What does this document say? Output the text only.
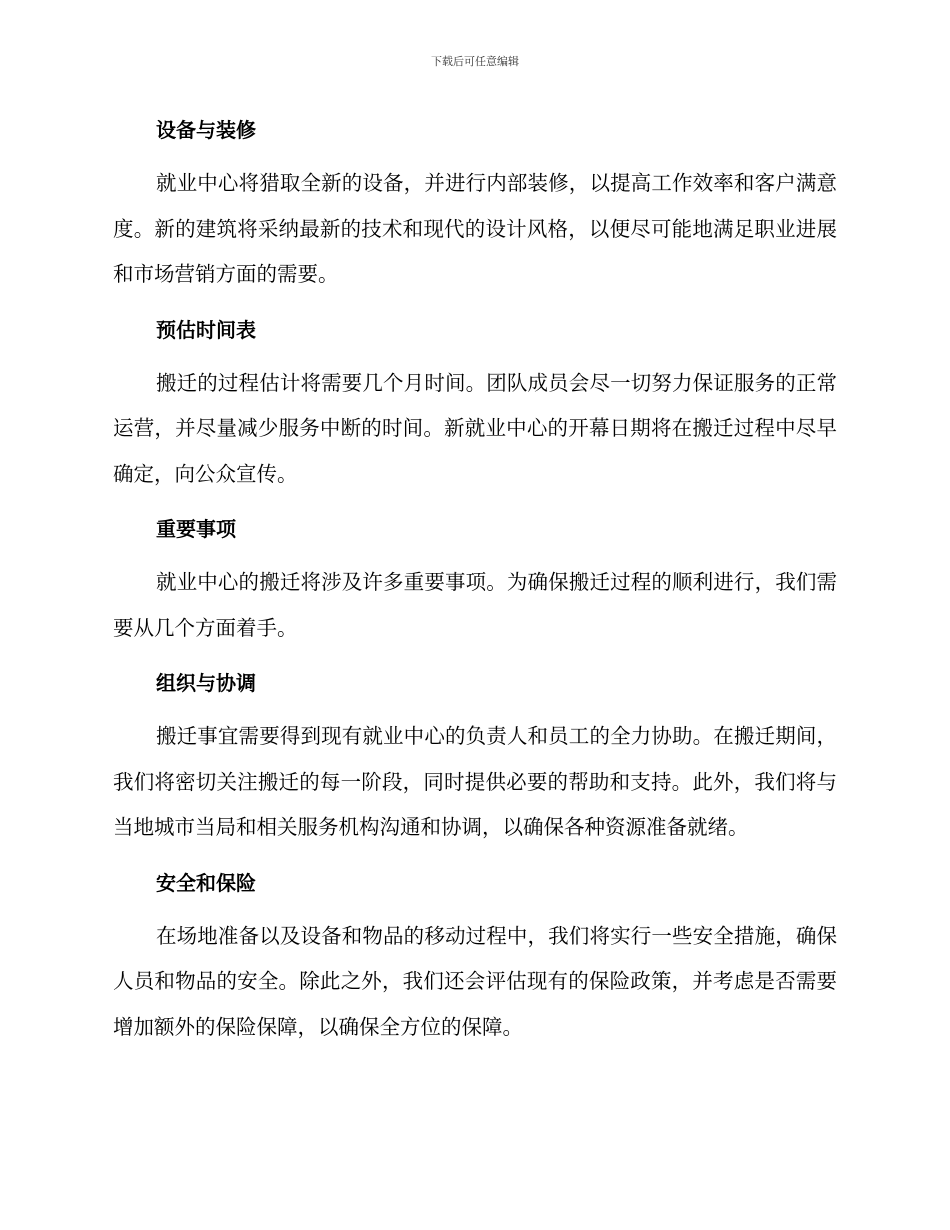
下载后可任意编辑
设备与装修

就业中心将猎取全新的设备，并进行内部装修，以提高工作效率和客户满意度。新的建筑将采纳最新的技术和现代的设计风格，以便尽可能地满足职业进展和市场营销方面的需要。

预估时间表

搬迁的过程估计将需要几个月时间。团队成员会尽一切努力保证服务的正常运营，并尽量减少服务中断的时间。新就业中心的开幕日期将在搬迁过程中尽早确定，向公众宣传。

重要事项

就业中心的搬迁将涉及许多重要事项。为确保搬迁过程的顺利进行，我们需要从几个方面着手。

组织与协调

搬迁事宜需要得到现有就业中心的负责人和员工的全力协助。在搬迁期间，我们将密切关注搬迁的每一阶段，同时提供必要的帮助和支持。此外，我们将与当地城市当局和相关服务机构沟通和协调，以确保各种资源准备就绪。

安全和保险

在场地准备以及设备和物品的移动过程中，我们将实行一些安全措施，确保人员和物品的安全。除此之外，我们还会评估现有的保险政策，并考虑是否需要增加额外的保险保障，以确保全方位的保障。
